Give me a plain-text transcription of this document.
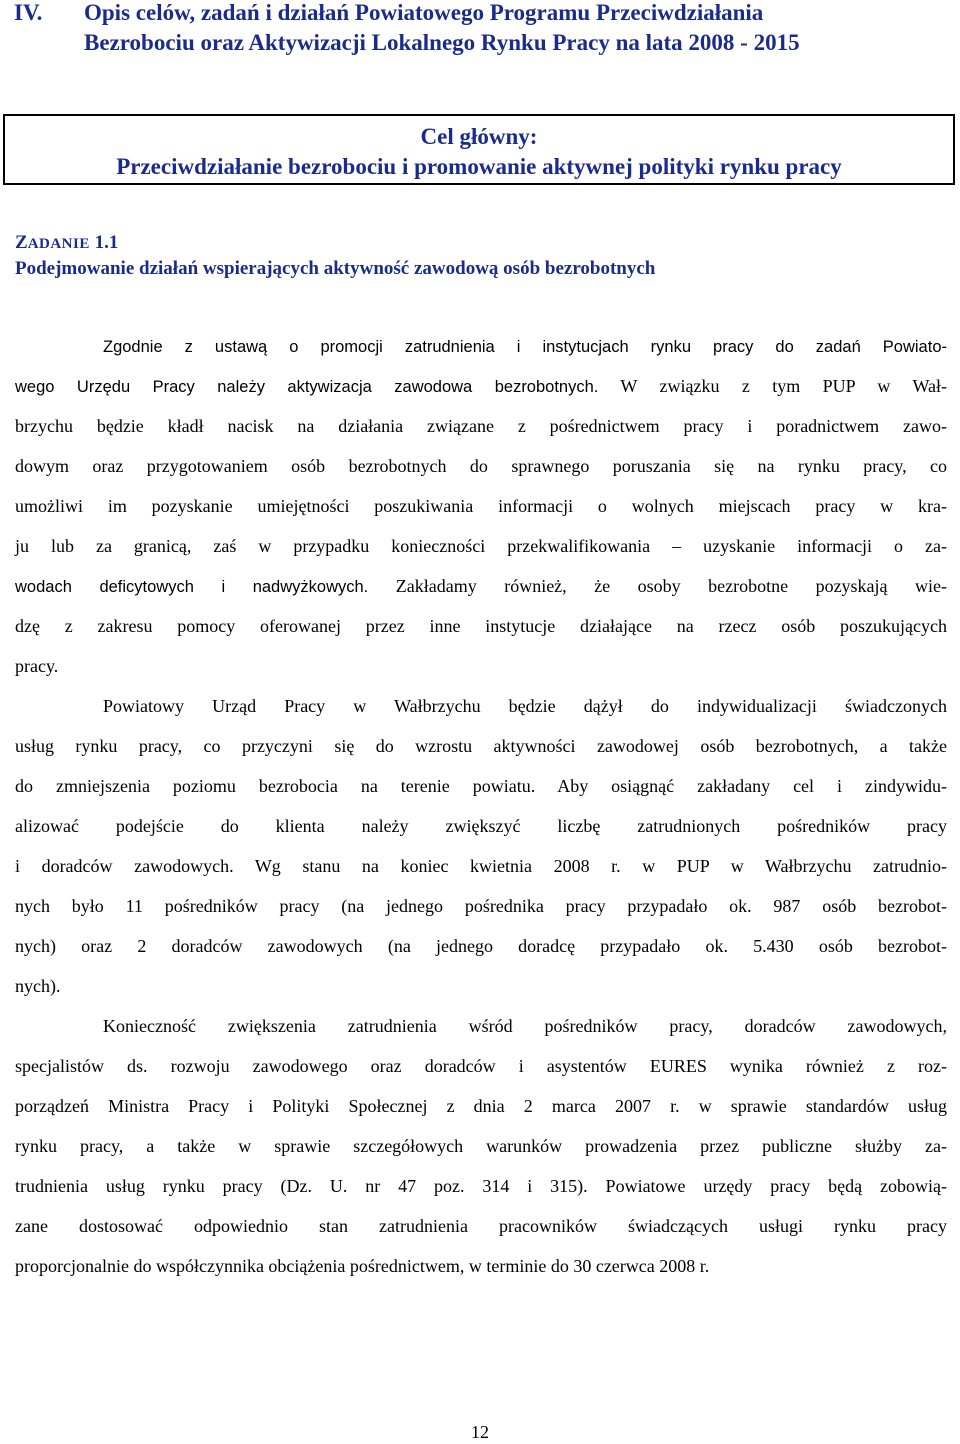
IV. Opis celów, zadań i działań Powiatowego Programu Przeciwdziałania
Bezrobociu oraz Aktywizacji Lokalnego Rynku Pracy na lata 2008 - 2015
Cel główny:
Przeciwdziałanie bezrobociu i promowanie aktywnej polityki rynku pracy
ZADANIE 1.1
Podejmowanie działań wspierających aktywność zawodową osób bezrobotnych
Zgodnie z ustawą o promocji zatrudnienia i instytucjach rynku pracy do zadań Powiato-
wego Urzędu Pracy należy aktywizacja zawodowa bezrobotnych. W związku z tym PUP w Wał-
brzychu będzie kładł nacisk na działania związane z pośrednictwem pracy i poradnictwem zawo-
dowym oraz przygotowaniem osób bezrobotnych do sprawnego poruszania się na rynku pracy, co
umożliwi im pozyskanie umiejętności poszukiwania informacji o wolnych miejscach pracy w kra-
ju lub za granicą, zaś w przypadku konieczności przekwalifikowania – uzyskanie informacji o za-
wodach deficytowych i nadwyżkowych. Zakładamy również, że osoby bezrobotne pozyskają wie-
dzę z zakresu pomocy oferowanej przez inne instytucje działające na rzecz osób poszukujących
pracy.
Powiatowy Urząd Pracy w Wałbrzychu będzie dążył do indywidualizacji świadczonych
usług rynku pracy, co przyczyni się do wzrostu aktywności zawodowej osób bezrobotnych, a także
do zmniejszenia poziomu bezrobocia na terenie powiatu. Aby osiągnąć zakładany cel i zindywidu-
alizować podejście do klienta należy zwiększyć liczbę zatrudnionych pośredników pracy
i doradców zawodowych. Wg stanu na koniec kwietnia 2008 r. w PUP w Wałbrzychu zatrudnio-
nych było 11 pośredników pracy (na jednego pośrednika pracy przypadało ok. 987 osób bezrobot-
nych) oraz 2 doradców zawodowych (na jednego doradcę przypadało ok. 5.430 osób bezrobot-
nych).
Konieczność zwiększenia zatrudnienia wśród pośredników pracy, doradców zawodowych,
specjalistów ds. rozwoju zawodowego oraz doradców i asystentów EURES wynika również z roz-
porządzeń Ministra Pracy i Polityki Społecznej z dnia 2 marca 2007 r. w sprawie standardów usług
rynku pracy, a także w sprawie szczegółowych warunków prowadzenia przez publiczne służby za-
trudnienia usług rynku pracy (Dz. U. nr 47 poz. 314 i 315). Powiatowe urzędy pracy będą zobowią-
zane dostosować odpowiednio stan zatrudnienia pracowników świadczących usługi rynku pracy
proporcjonalnie do współczynnika obciążenia pośrednictwem, w terminie do 30 czerwca 2008 r.
12
